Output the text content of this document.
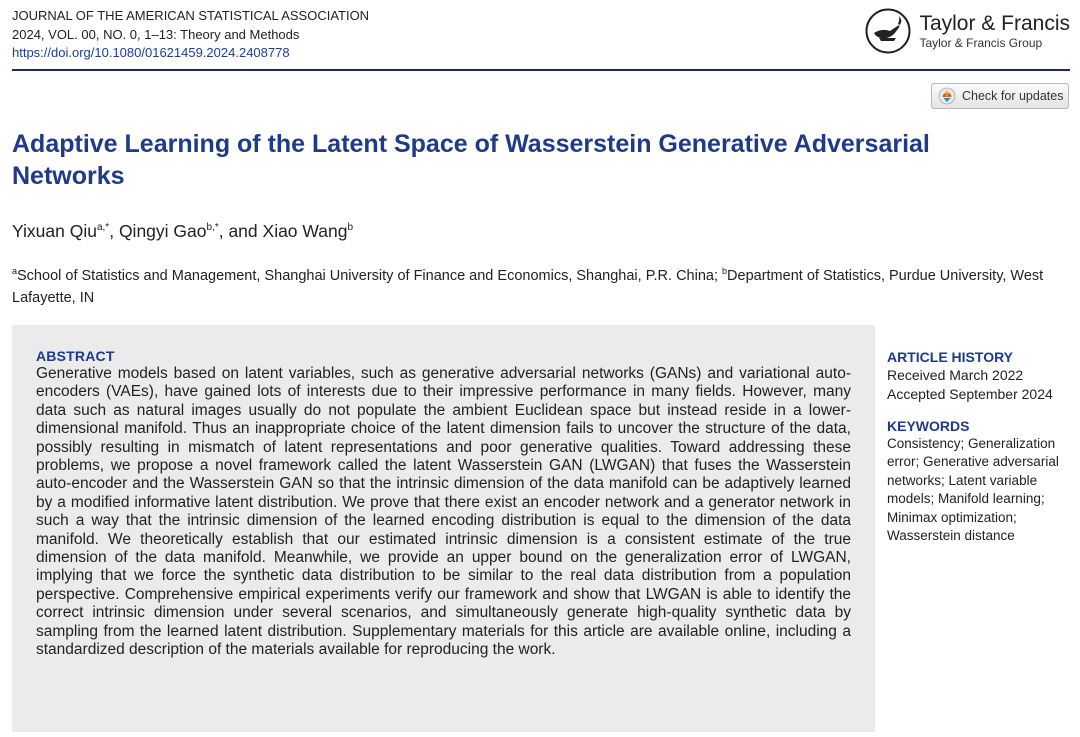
JOURNAL OF THE AMERICAN STATISTICAL ASSOCIATION
2024, VOL. 00, NO. 0, 1–13: Theory and Methods
https://doi.org/10.1080/01621459.2024.2408778
Taylor & Francis
Taylor & Francis Group
Check for updates
Adaptive Learning of the Latent Space of Wasserstein Generative Adversarial Networks
Yixuan Qiu$^{a,*}$, Qingyi Gao$^{b,*}$, and Xiao Wang$^b$

$^a$School of Statistics and Management, Shanghai University of Finance and Economics, Shanghai, P.R. China; $^b$Department of Statistics, Purdue University, West Lafayette, IN

ABSTRACT

Generative models based on latent variables, such as generative adversarial networks (GANs) and variational auto-encoders (VAEs), have gained lots of interests due to their impressive performance in many fields. However, many data such as natural images usually do not populate the ambient Euclidean space but instead reside in a lower-dimensional manifold. Thus an inappropriate choice of the latent dimension fails to uncover the structure of the data, possibly resulting in mismatch of latent representations and poor generative qualities. Toward addressing these problems, we propose a novel framework called the latent Wasserstein GAN (LWGAN) that fuses the Wasserstein auto-encoder and the Wasserstein GAN so that the intrinsic dimension of the data manifold can be adaptively learned by a modified informative latent distribution. We prove that there exist an encoder network and a generator network in such a way that the intrinsic dimension of the learned encoding distribution is equal to the dimension of the data manifold. We theoretically establish that our estimated intrinsic dimension is a consistent estimate of the true dimension of the data manifold. Meanwhile, we provide an upper bound on the generalization error of LWGAN, implying that we force the synthetic data distribution to be similar to the real data distribution from a population perspective. Comprehensive empirical experiments verify our framework and show that LWGAN is able to identify the correct intrinsic dimension under several scenarios, and simultaneously generate high-quality synthetic data by sampling from the learned latent distribution. Supplementary materials for this article are available online, including a standardized description of the materials available for reproducing the work.

ARTICLE HISTORY
Received March 2022
Accepted September 2024
KEYWORDS
Consistency; Generalization error; Generative adversarial networks; Latent variable models; Manifold learning; Minimax optimization; Wasserstein distance
